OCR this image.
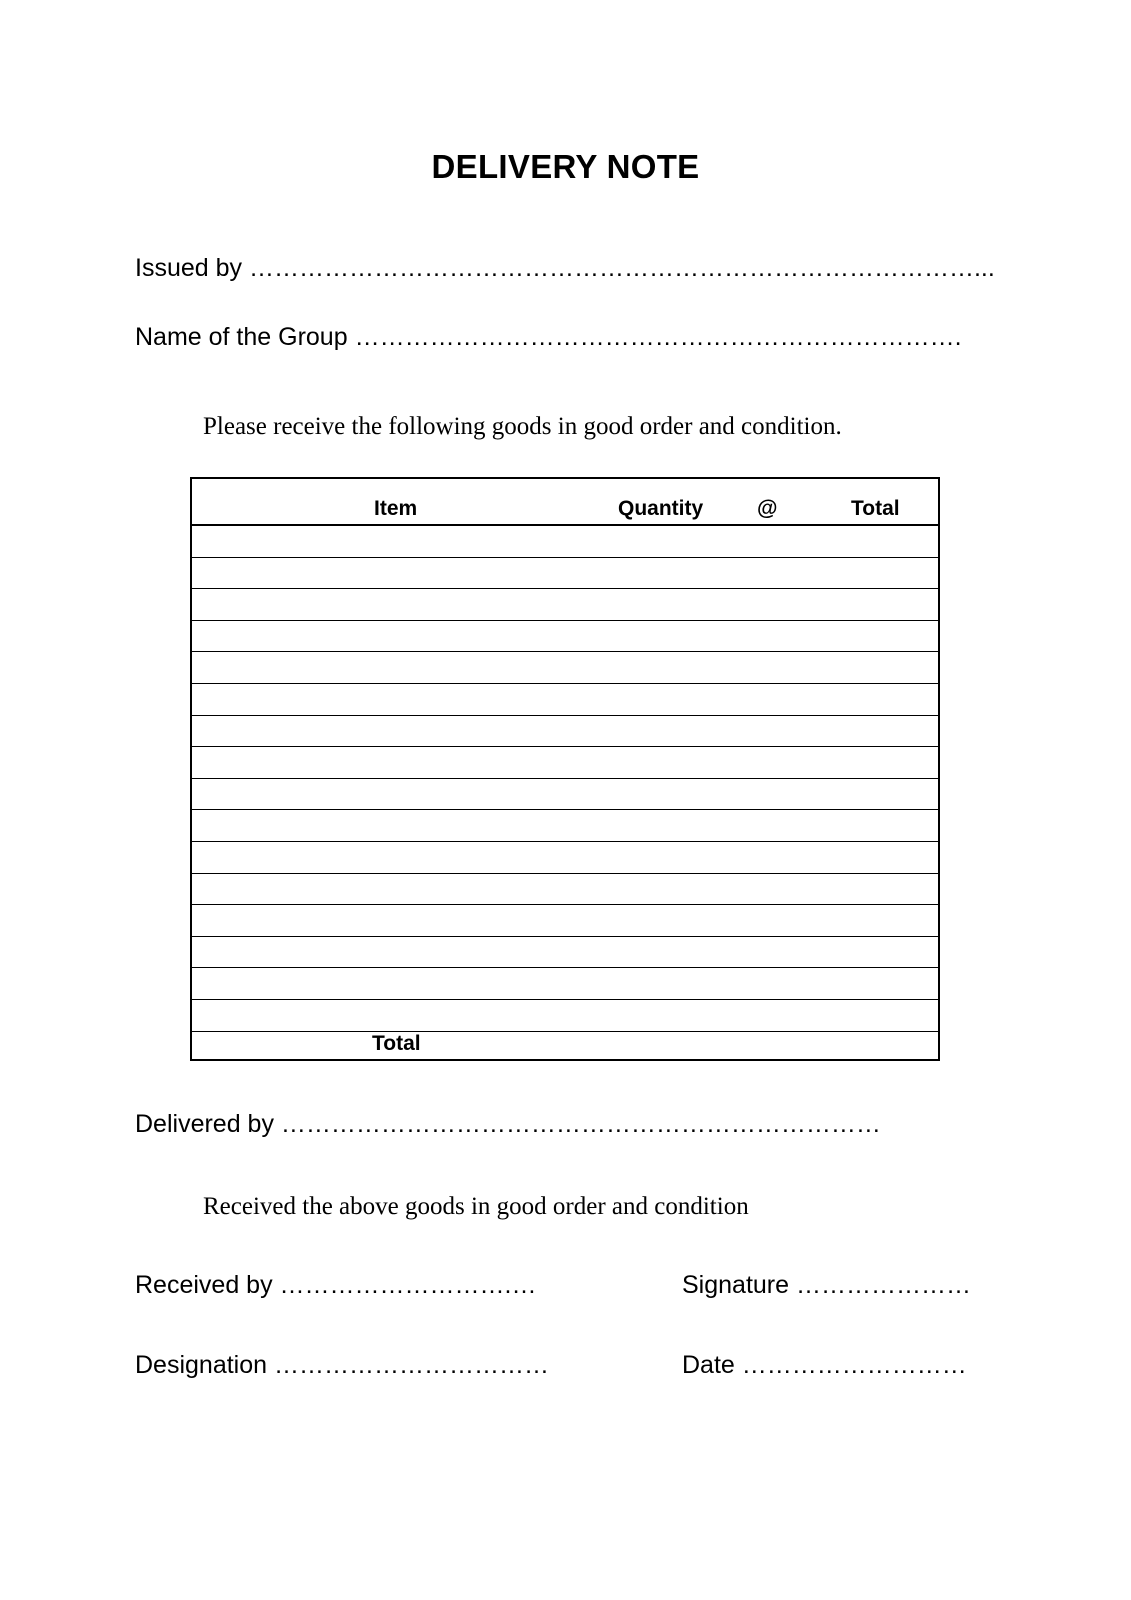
DELIVERY NOTE
Issued by ……………………………………………………………………………...
Name of the Group ……………………………………………………………….
Please receive the following goods in good order and condition.
Item	Quantity	@	Total
Total
Delivered by ………………………………………………………………
Received the above goods in good order and condition
Received by ……………………….…	Signature …………………
Designation ……………………………	Date ………………………
